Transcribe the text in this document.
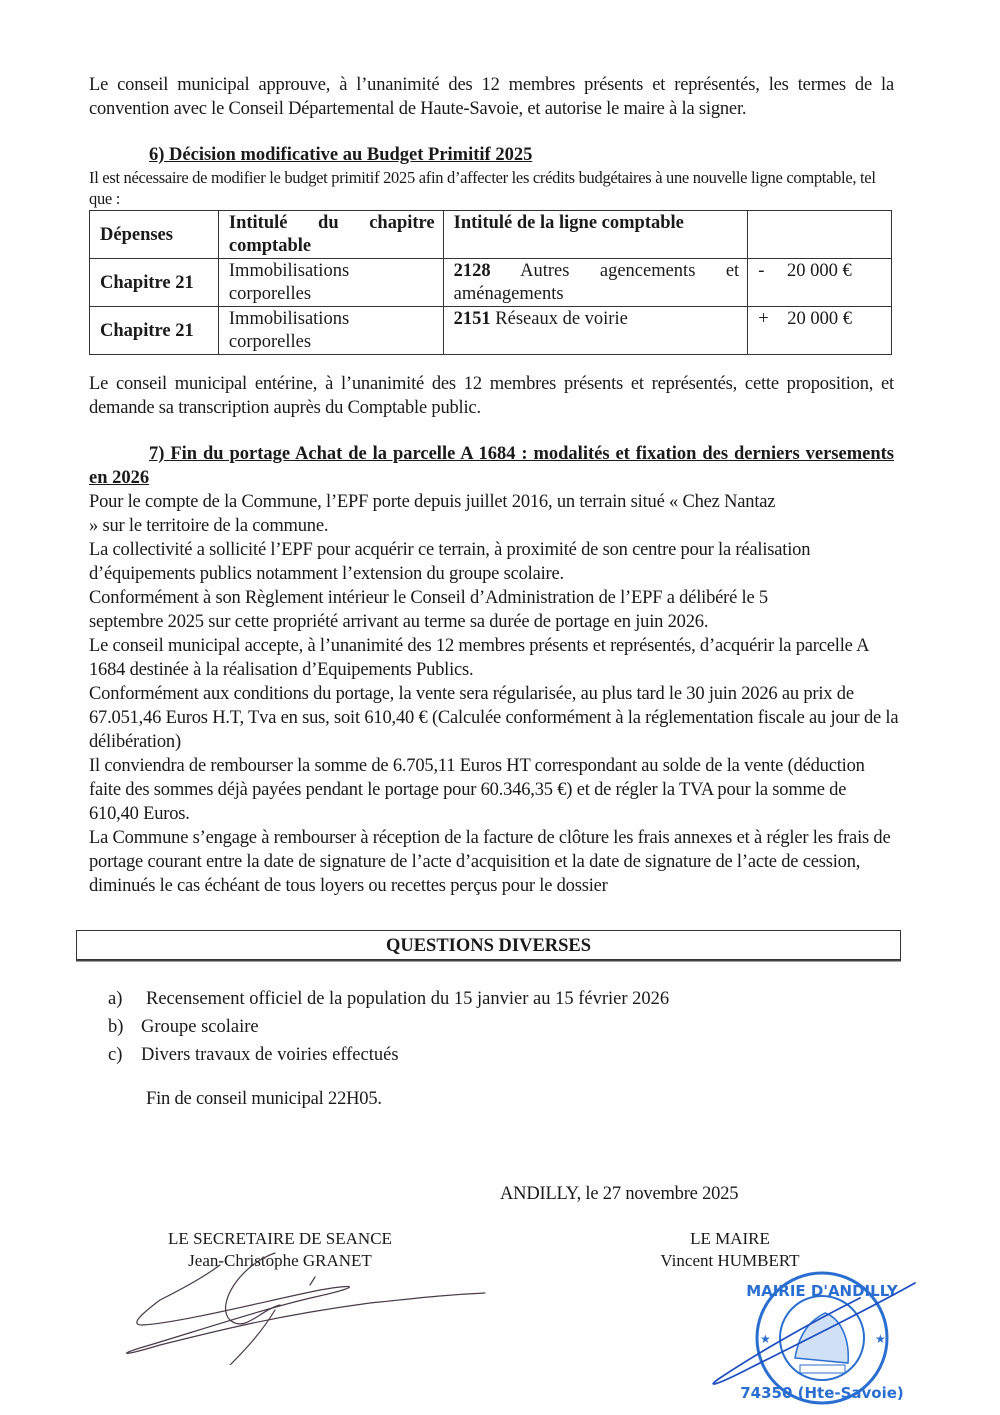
Le conseil municipal approuve, à l’unanimité des 12 membres présents et représentés, les termes de la convention avec le Conseil Départemental de Haute-Savoie, et autorise le maire à la signer.
6) Décision modificative au Budget Primitif 2025
Il est nécessaire de modifier le budget primitif 2025 afin d’affecter les crédits budgétaires à une nouvelle ligne comptable, tel que :
Dépenses	Intitulé du chapitre comptable	Intitulé de la ligne comptable	
Chapitre 21	Immobilisations corporelles	2128 Autres agencements et aménagements	- 20 000 €
Chapitre 21	Immobilisations corporelles	2151 Réseaux de voirie	+ 20 000 €
Le conseil municipal entérine, à l’unanimité des 12 membres présents et représentés, cette proposition, et demande sa transcription auprès du Comptable public.
7) Fin du portage Achat de la parcelle A 1684 : modalités et fixation des derniers versements en 2026
Pour le compte de la Commune, l’EPF porte depuis juillet 2016, un terrain situé « Chez Nantaz » sur le territoire de la commune.
La collectivité a sollicité l’EPF pour acquérir ce terrain, à proximité de son centre pour la réalisation d’équipements publics notamment l’extension du groupe scolaire.
Conformément à son Règlement intérieur le Conseil d’Administration de l’EPF a délibéré le 5 septembre 2025 sur cette propriété arrivant au terme sa durée de portage en juin 2026.
Le conseil municipal accepte, à l’unanimité des 12 membres présents et représentés, d’acquérir la parcelle A 1684 destinée à la réalisation d’Equipements Publics.
Conformément aux conditions du portage, la vente sera régularisée, au plus tard le 30 juin 2026 au prix de 67.051,46 Euros H.T, Tva en sus, soit 610,40 € (Calculée conformément à la réglementation fiscale au jour de la délibération)
Il conviendra de rembourser la somme de 6.705,11 Euros HT correspondant au solde de la vente (déduction faite des sommes déjà payées pendant le portage pour 60.346,35 €) et de régler la TVA pour la somme de 610,40 Euros.
La Commune s’engage à rembourser à réception de la facture de clôture les frais annexes et à régler les frais de portage courant entre la date de signature de l’acte d’acquisition et la date de signature de l’acte de cession, diminués le cas échéant de tous loyers ou recettes perçus pour le dossier
QUESTIONS DIVERSES
a) Recensement officiel de la population du 15 janvier au 15 février 2026
b) Groupe scolaire
c) Divers travaux de voiries effectués
Fin de conseil municipal 22H05.
ANDILLY, le 27 novembre 2025
LE SECRETAIRE DE SEANCE
Jean-Christophe GRANET
LE MAIRE
Vincent HUMBERT
MAIRIE D'ANDILLY
74350 (Hte-Savoie)
★	★
